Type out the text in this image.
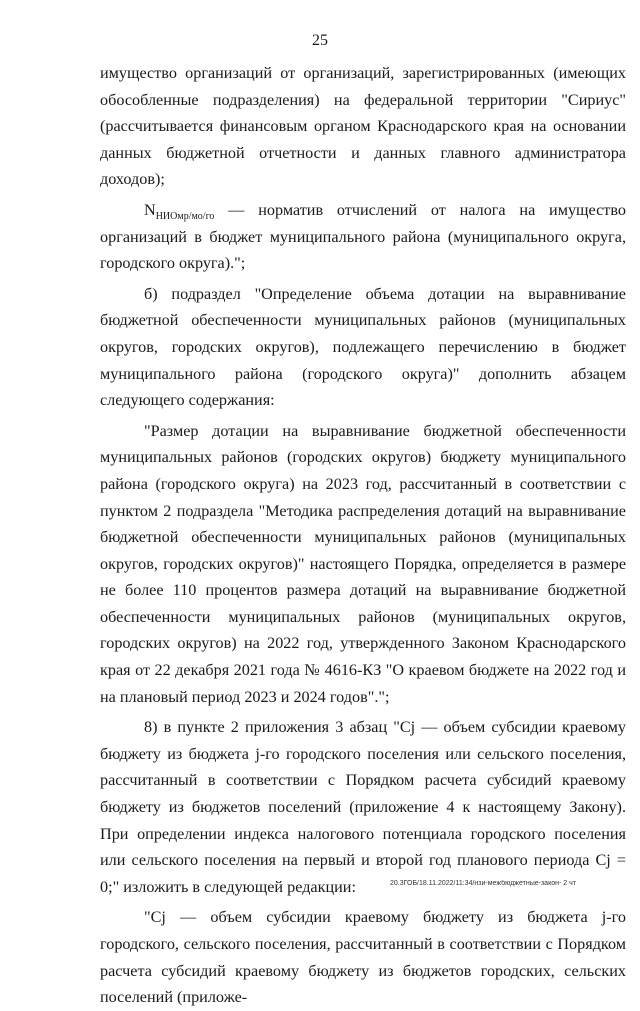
25

имущество организаций от организаций, зарегистрированных (имеющих обособленные подразделения) на федеральной территории "Сириус" (рассчитывается финансовым органом Краснодарского края на основании данных бюджетной отчетности и данных главного администратора доходов);

$N_{НИОмр/мо/го}$ — норматив отчислений от налога на имущество организаций в бюджет муниципального района (муниципального округа, городского округа).";

б) подраздел "Определение объема дотации на выравнивание бюджетной обеспеченности муниципальных районов (муниципальных округов, городских округов), подлежащего перечислению в бюджет муниципального района (городского округа)" дополнить абзацем следующего содержания:

"Размер дотации на выравнивание бюджетной обеспеченности муниципальных районов (городских округов) бюджету муниципального района (городского округа) на 2023 год, рассчитанный в соответствии с пунктом 2 подраздела "Методика распределения дотаций на выравнивание бюджетной обеспеченности муниципальных районов (муниципальных округов, городских округов)" настоящего Порядка, определяется в размере не более 110 процентов размера дотаций на выравнивание бюджетной обеспеченности муниципальных районов (муниципальных округов, городских округов) на 2022 год, утвержденного Законом Краснодарского края от 22 декабря 2021 года № 4616-КЗ "О краевом бюджете на 2022 год и на плановый период 2023 и 2024 годов".";

8) в пункте 2 приложения 3 абзац "Cj — объем субсидии краевому бюджету из бюджета j-го городского поселения или сельского поселения, рассчитанный в соответствии с Порядком расчета субсидий краевому бюджету из бюджетов поселений (приложение 4 к настоящему Закону). При определении индекса налогового потенциала городского поселения или сельского поселения на первый и второй год планового периода Cj = 0;" изложить в следующей редакции:

"Cj — объем субсидии краевому бюджету из бюджета j-го городского, сельского поселения, рассчитанный в соответствии с Порядком расчета субсидий краевому бюджету из бюджетов городских, сельских поселений (приложе-

20.3ГОБ/18.11.2022/11:34/нзи-межбюджетные-закон- 2 чт
